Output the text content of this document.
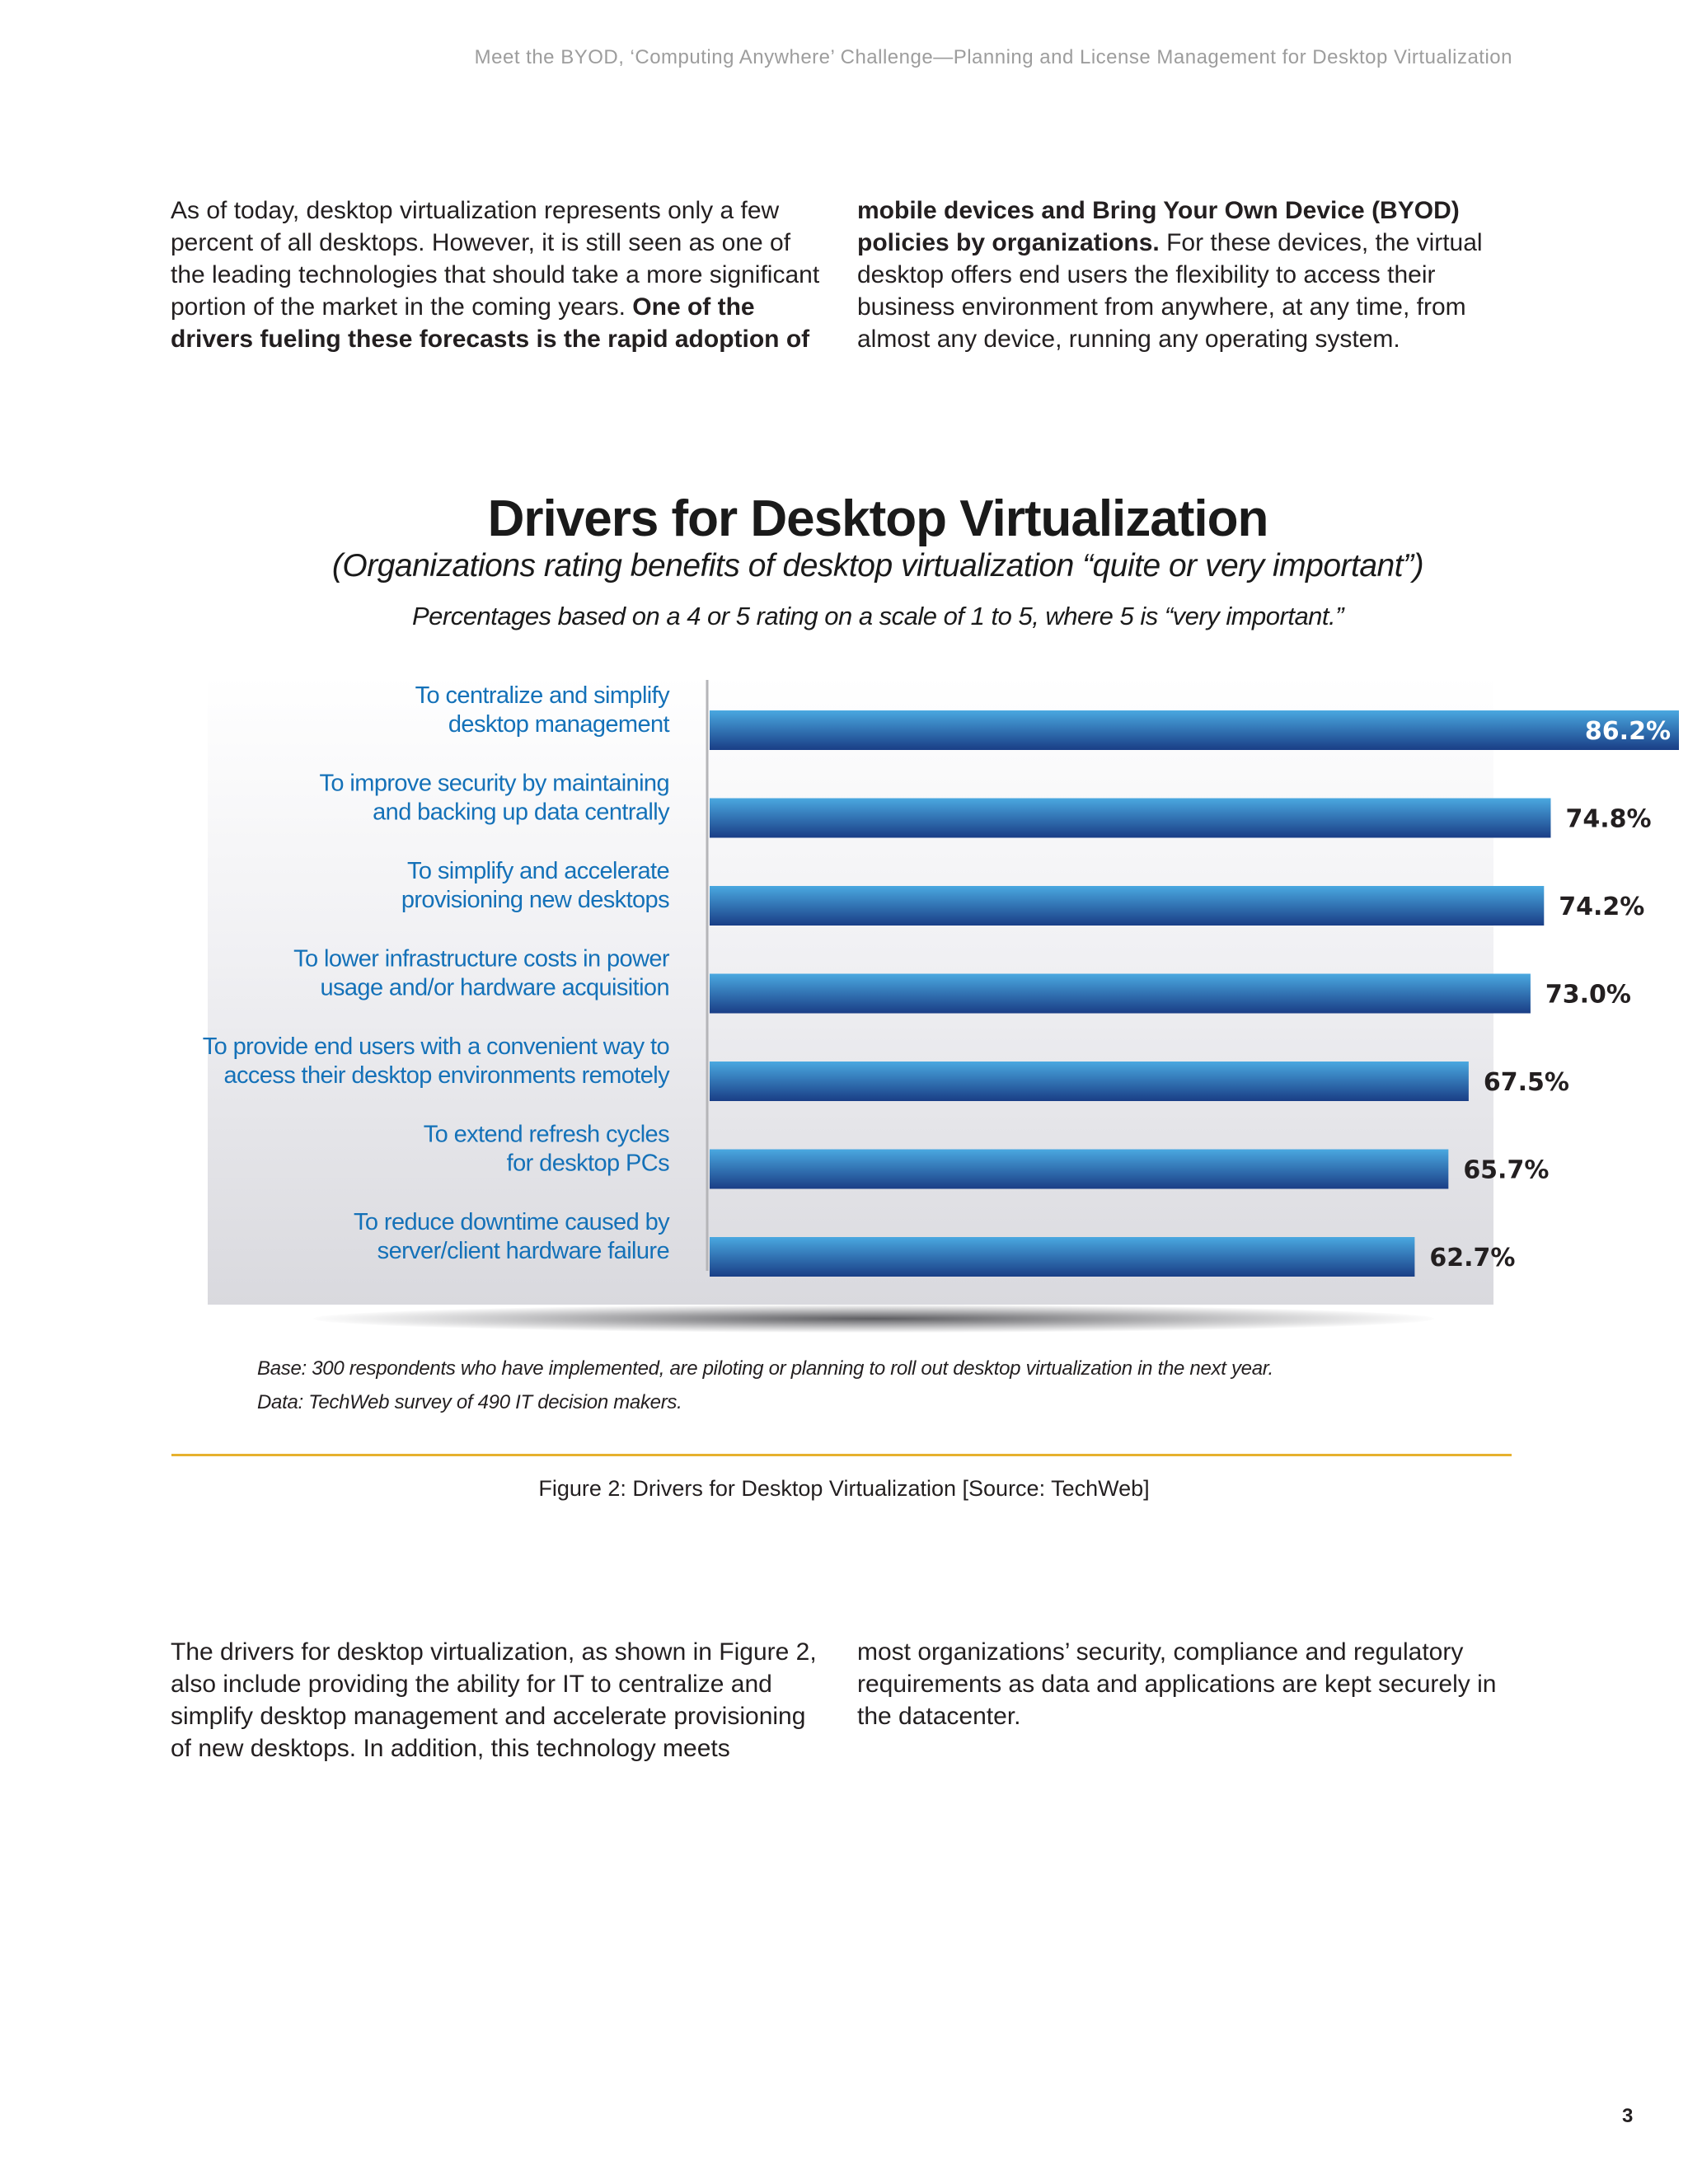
Meet the BYOD, ‘Computing Anywhere’ Challenge—Planning and License Management for Desktop Virtualization

As of today, desktop virtualization represents only a few percent of all desktops. However, it is still seen as one of the leading technologies that should take a more significant portion of the market in the coming years. One of the drivers fueling these forecasts is the rapid adoption of

mobile devices and Bring Your Own Device (BYOD) policies by organizations. For these devices, the virtual desktop offers end users the flexibility to access their business environment from anywhere, at any time, from almost any device, running any operating system.

Drivers for Desktop Virtualization
(Organizations rating benefits of desktop virtualization “quite or very important”)
Percentages based on a 4 or 5 rating on a scale of 1 to 5, where 5 is “very important.”
86.2%
To centralize and simplify
desktop management
74.8%
To improve security by maintaining
and backing up data centrally
74.2%
To simplify and accelerate
provisioning new desktops
73.0%
To lower infrastructure costs in power
usage and/or hardware acquisition
67.5%
To provide end users with a convenient way to
access their desktop environments remotely
65.7%
To extend refresh cycles
for desktop PCs
62.7%
To reduce downtime caused by
server/client hardware failure

Base: 300 respondents who have implemented, are piloting or planning to roll out desktop virtualization in the next year.

Data: TechWeb survey of 490 IT decision makers.

Figure 2: Drivers for Desktop Virtualization [Source: TechWeb]

The drivers for desktop virtualization, as shown in Figure 2, also include providing the ability for IT to centralize and simplify desktop management and accelerate provisioning of new desktops. In addition, this technology meets

most organizations’ security, compliance and regulatory requirements as data and applications are kept securely in the datacenter.

3
